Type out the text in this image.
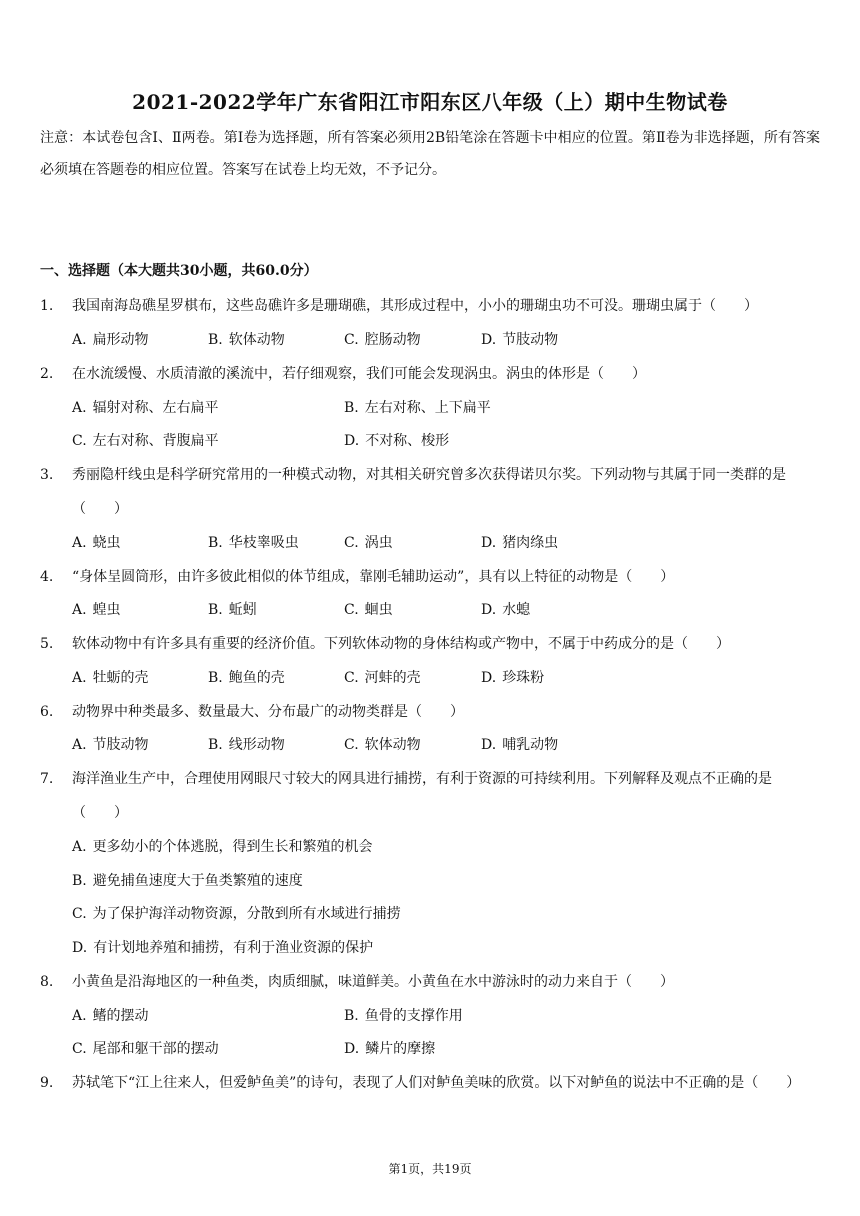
2021-2022学年广东省阳江市阳东区八年级（上）期中生物试卷
注意：本试卷包含Ⅰ、Ⅱ两卷。第Ⅰ卷为选择题，所有答案必须用2B铅笔涂在答题卡中相应的位置。第Ⅱ卷为非选择题，所有答案必须填在答题卷的相应位置。答案写在试卷上均无效，不予记分。
一、选择题（本大题共30小题，共60.0分）
1.	我国南海岛礁星罗棋布，这些岛礁许多是珊瑚礁，其形成过程中，小小的珊瑚虫功不可没。珊瑚虫属于（　　）
A. 扁形动物	B. 软体动物	C. 腔肠动物	D. 节肢动物
2.	在水流缓慢、水质清澈的溪流中，若仔细观察，我们可能会发现涡虫。涡虫的体形是（　　）
A. 辐射对称、左右扁平	B. 左右对称、上下扁平
C. 左右对称、背腹扁平	D. 不对称、梭形
3.	秀丽隐杆线虫是科学研究常用的一种模式动物，对其相关研究曾多次获得诺贝尔奖。下列动物与其属于同一类群的是（　　）
A. 蛲虫	B. 华枝睾吸虫	C. 涡虫	D. 猪肉绦虫
4.	“身体呈圆筒形，由许多彼此相似的体节组成，靠刚毛辅助运动”，具有以上特征的动物是（　　）
A. 蝗虫	B. 蚯蚓	C. 蛔虫	D. 水螅
5.	软体动物中有许多具有重要的经济价值。下列软体动物的身体结构或产物中，不属于中药成分的是（　　）
A. 牡蛎的壳	B. 鲍鱼的壳	C. 河蚌的壳	D. 珍珠粉
6.	动物界中种类最多、数量最大、分布最广的动物类群是（　　）
A. 节肢动物	B. 线形动物	C. 软体动物	D. 哺乳动物
7.	海洋渔业生产中，合理使用网眼尺寸较大的网具进行捕捞，有利于资源的可持续利用。下列解释及观点不正确的是（　　）
A. 更多幼小的个体逃脱，得到生长和繁殖的机会
B. 避免捕鱼速度大于鱼类繁殖的速度
C. 为了保护海洋动物资源，分散到所有水域进行捕捞
D. 有计划地养殖和捕捞，有利于渔业资源的保护
8.	小黄鱼是沿海地区的一种鱼类，肉质细腻，味道鲜美。小黄鱼在水中游泳时的动力来自于（　　）
A. 鳍的摆动	B. 鱼骨的支撑作用
C. 尾部和躯干部的摆动	D. 鳞片的摩擦
9.	苏轼笔下“江上往来人，但爱鲈鱼美”的诗句，表现了人们对鲈鱼美味的欣赏。以下对鲈鱼的说法中不正确的是（　　）
第1页，共19页
